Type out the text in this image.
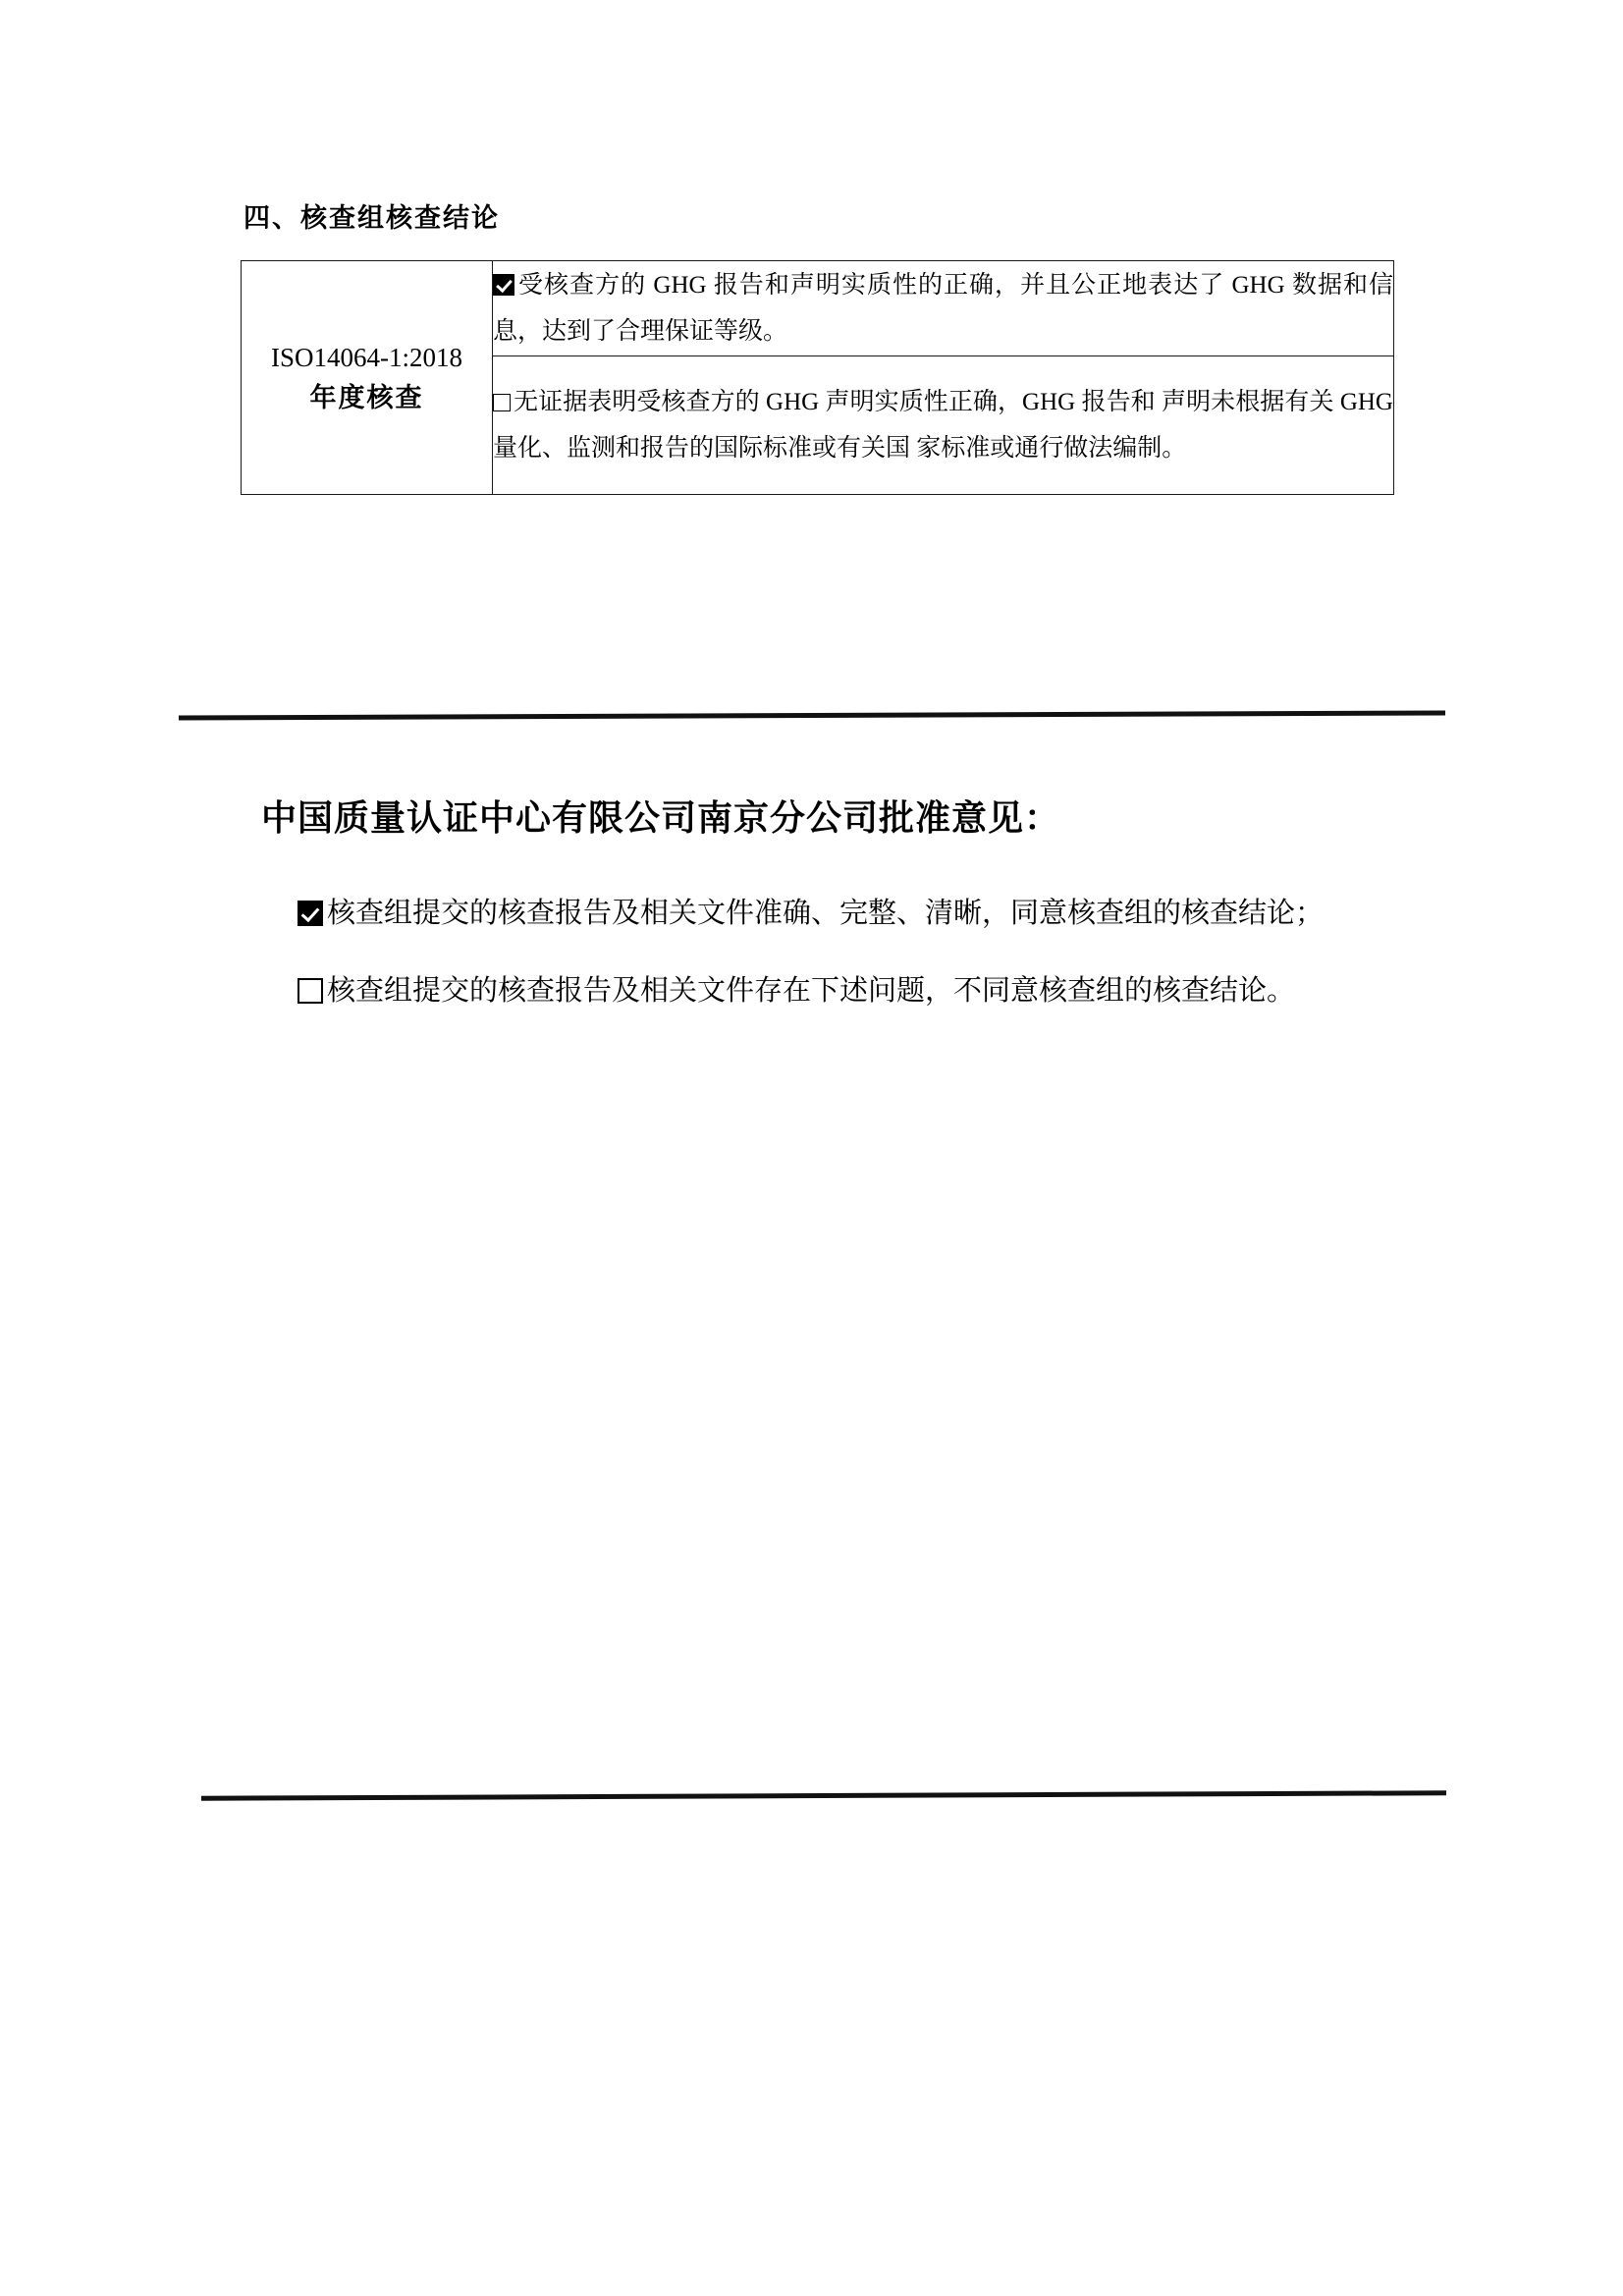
四、核查组核查结论
ISO14064-1:2018
年度核查
	受核查方的 GHG 报告和声明实质性的正确，并且公正地表达了 GHG 数据和信息，达到了合理保证等级。
无证据表明受核查方的 GHG 声明实质性正确，GHG 报告和 声明未根据有关 GHG 量化、监测和报告的国际标准或有关国 家标准或通行做法编制。
中国质量认证中心有限公司南京分公司批准意见：

核查组提交的核查报告及相关文件准确、完整、清晰，同意核查组的核查结论；

核查组提交的核查报告及相关文件存在下述问题，不同意核查组的核查结论。
